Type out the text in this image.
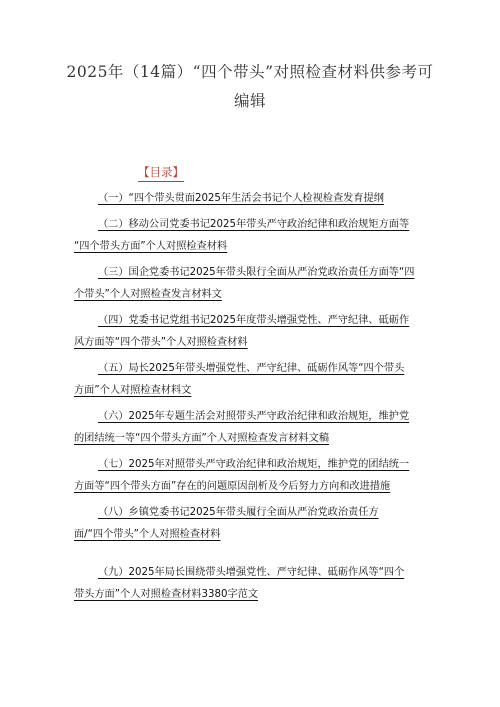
2025年（14篇）“四个带头”对照检查材料供参考可
编辑
【目录】
（一）“四个带头贯面2025年生活会书记个人检视检查发育提纲
（二）移动公司党委书记2025年带头严守政治纪律和政治规矩方面等
“四个带头方面”个人对照检查材料
（三）国企党委书记2025年带头限行全面从严治党政治责任方面等“四
个带头”个人对照检查发言材料文
（四）党委书记党组书记2025年度带头增强党性、严守纪律、砥砺作
风方面等“四个带头”个人对照检查材料
（五）局长2025年带头增强党性、严守纪律、砥砺作风等“四个带头
方面”个人对照检查材料文
（六）2025年专题生活会对照带头严守政治纪律和政治规矩，维护党
的团结统一等“四个带头方面”个人对照检查发言材料文稿
（七）2025年对照带头严守政治纪律和政治规矩，维护党的团结统一
方面等“四个带头方面”存在的问题原因剖析及今后努力方向和改进措施
（八）乡镇党委书记2025年带头履行全面从严治党政治责任方
面/“四个带头”个人对照检查材料
（九）2025年局长围绕带头增强党性、严守纪律、砥砺作风等“四个
带头方面”个人对照检查材料3380字范文
